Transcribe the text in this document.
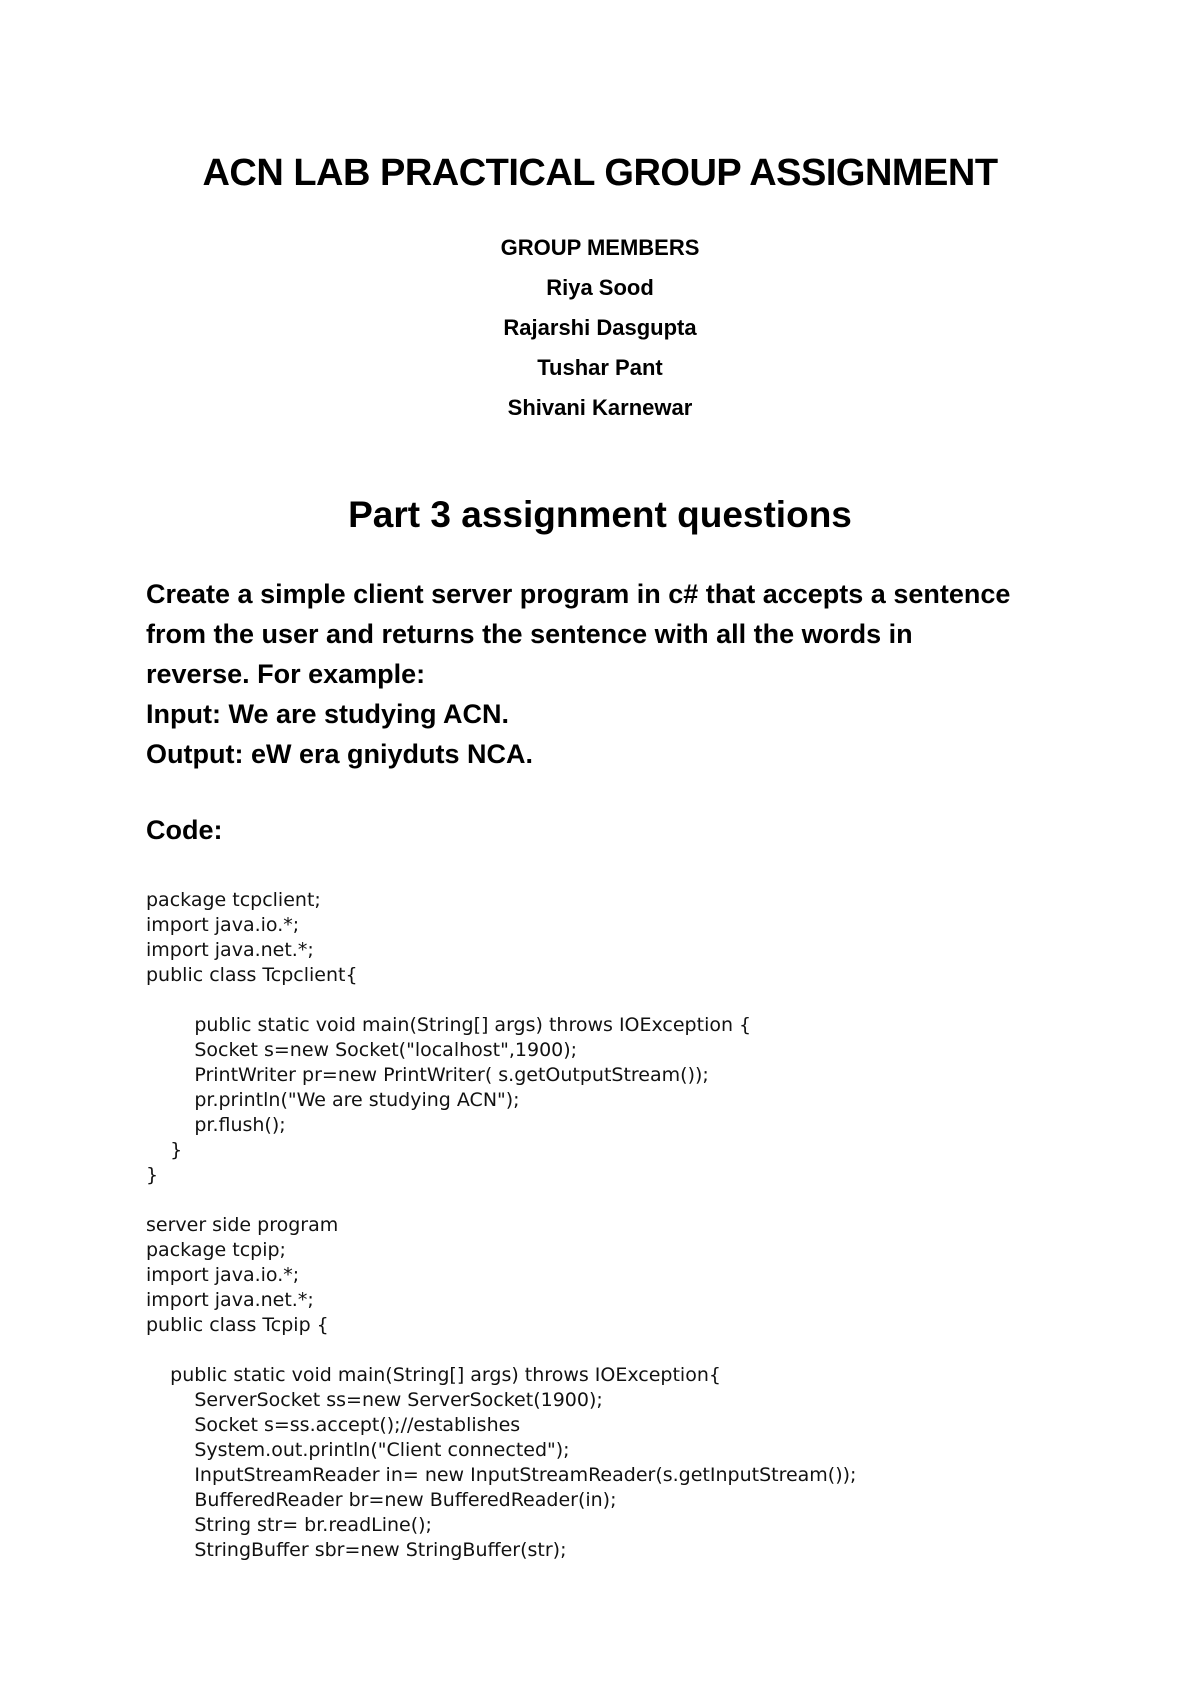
ACN LAB PRACTICAL GROUP ASSIGNMENT
GROUP MEMBERS
Riya Sood
Rajarshi Dasgupta
Tushar Pant
Shivani Karnewar
Part 3 assignment questions
Create a simple client server program in c# that accepts a sentence
from the user and returns the sentence with all the words in
reverse. For example:
Input: We are studying ACN.
Output: eW era gniyduts NCA.
Code:
package tcpclient;
import java.io.*;
import java.net.*;
public class Tcpclient{
public static void main(String[] args) throws IOException {
Socket s=new Socket("localhost",1900);
PrintWriter pr=new PrintWriter( s.getOutputStream());
pr.println("We are studying ACN");
pr.flush();
}
}
server side program
package tcpip;
import java.io.*;
import java.net.*;
public class Tcpip {
public static void main(String[] args) throws IOException{
ServerSocket ss=new ServerSocket(1900);
Socket s=ss.accept();//establishes
System.out.println("Client connected");
InputStreamReader in= new InputStreamReader(s.getInputStream());
BufferedReader br=new BufferedReader(in);
String str= br.readLine();
StringBuffer sbr=new StringBuffer(str);
